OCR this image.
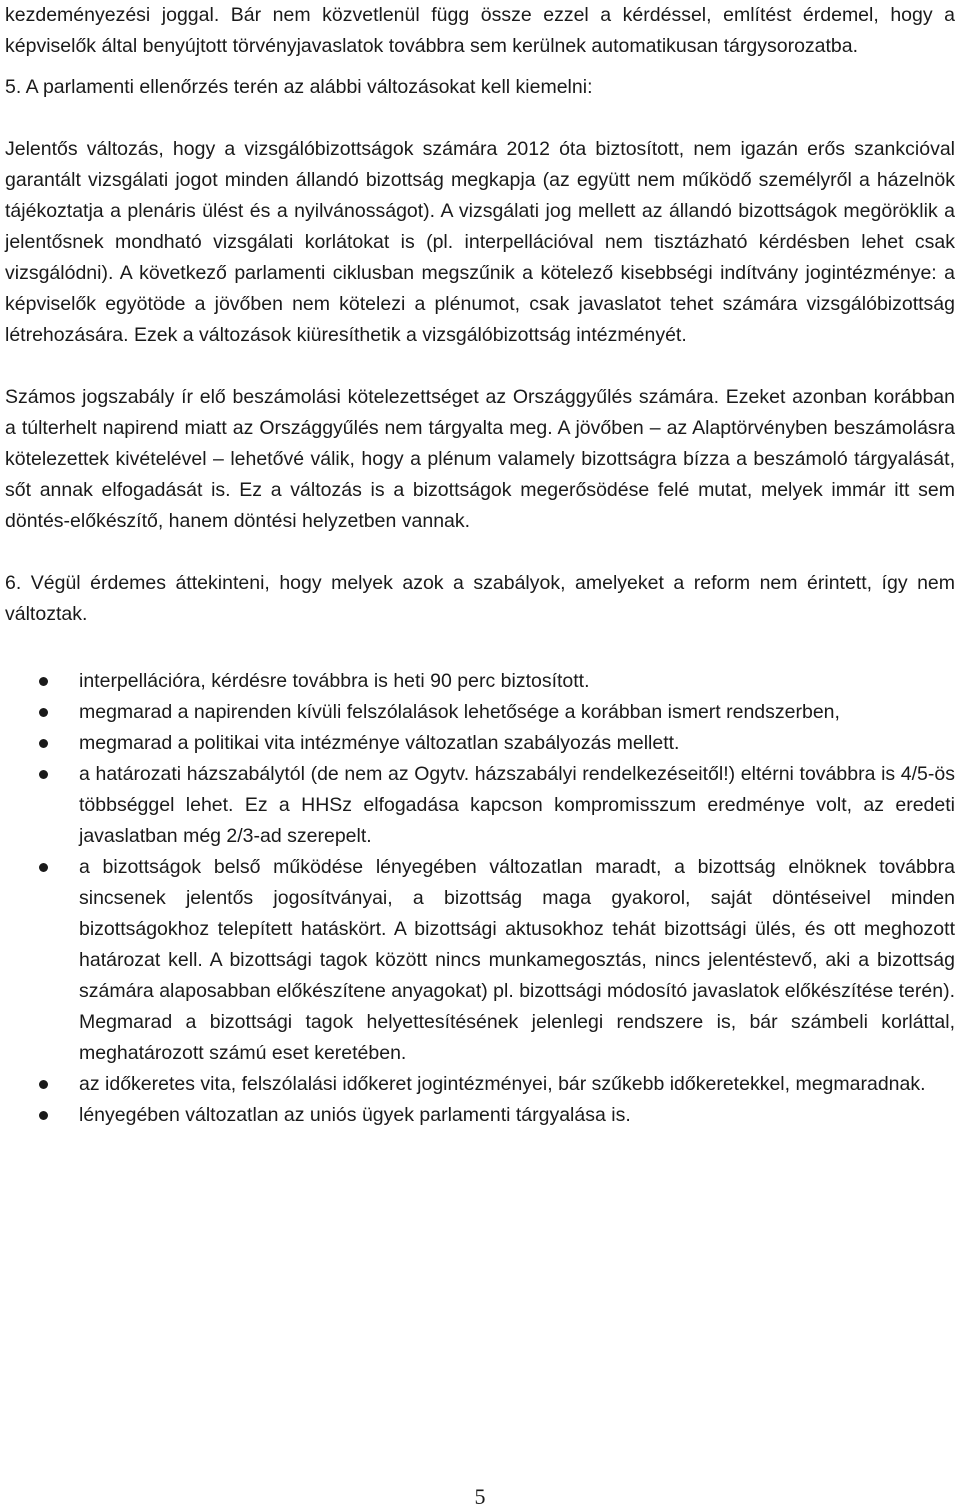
kezdeményezési joggal. Bár nem közvetlenül függ össze ezzel a kérdéssel, említést érdemel, hogy a képviselők által benyújtott törvényjavaslatok továbbra sem kerülnek automatikusan tárgysorozatba.

5. A parlamenti ellenőrzés terén az alábbi változásokat kell kiemelni:

Jelentős változás, hogy a vizsgálóbizottságok számára 2012 óta biztosított, nem igazán erős szankcióval garantált vizsgálati jogot minden állandó bizottság megkapja (az együtt nem működő személyről a házelnök tájékoztatja a plenáris ülést és a nyilvánosságot). A vizsgálati jog mellett az állandó bizottságok megöröklik a jelentősnek mondható vizsgálati korlátokat is (pl. interpellációval nem tisztázható kérdésben lehet csak vizsgálódni). A következő parlamenti ciklusban megszűnik a kötelező kisebbségi indítvány jogintézménye: a képviselők egyötöde a jövőben nem kötelezi a plénumot, csak javaslatot tehet számára vizsgálóbizottság létrehozására. Ezek a változások kiüresíthetik a vizsgálóbizottság intézményét.

Számos jogszabály ír elő beszámolási kötelezettséget az Országgyűlés számára. Ezeket azonban korábban a túlterhelt napirend miatt az Országgyűlés nem tárgyalta meg. A jövőben – az Alaptörvényben beszámolásra kötelezettek kivételével – lehetővé válik, hogy a plénum valamely bizottságra bízza a beszámoló tárgyalását, sőt annak elfogadását is. Ez a változás is a bizottságok megerősödése felé mutat, melyek immár itt sem döntés-előkészítő, hanem döntési helyzetben vannak.

6. Végül érdemes áttekinteni, hogy melyek azok a szabályok, amelyeket a reform nem érintett, így nem változtak.

interpellációra, kérdésre továbbra is heti 90 perc biztosított.
megmarad a napirenden kívüli felszólalások lehetősége a korábban ismert rendszerben,
megmarad a politikai vita intézménye változatlan szabályozás mellett.
a határozati házszabálytól (de nem az Ogytv. házszabályi rendelkezéseitől!) eltérni továbbra is 4/5-ös többséggel lehet. Ez a HHSz elfogadása kapcson kompromisszum eredménye volt, az eredeti javaslatban még 2/3-ad szerepelt.
a bizottságok belső működése lényegében változatlan maradt, a bizottság elnöknek továbbra sincsenek jelentős jogosítványai, a bizottság maga gyakorol, saját döntéseivel minden bizottságokhoz telepített hatáskört. A bizottsági aktusokhoz tehát bizottsági ülés, és ott meghozott határozat kell. A bizottsági tagok között nincs munkamegosztás, nincs jelentéstevő, aki a bizottság számára alaposabban előkészítene anyagokat) pl. bizottsági módosító javaslatok előkészítése terén). Megmarad a bizottsági tagok helyettesítésének jelenlegi rendszere is, bár számbeli korláttal, meghatározott számú eset keretében.
az időkeretes vita, felszólalási időkeret jogintézményei, bár szűkebb időkeretekkel, megmaradnak.
lényegében változatlan az uniós ügyek parlamenti tárgyalása is.
5
